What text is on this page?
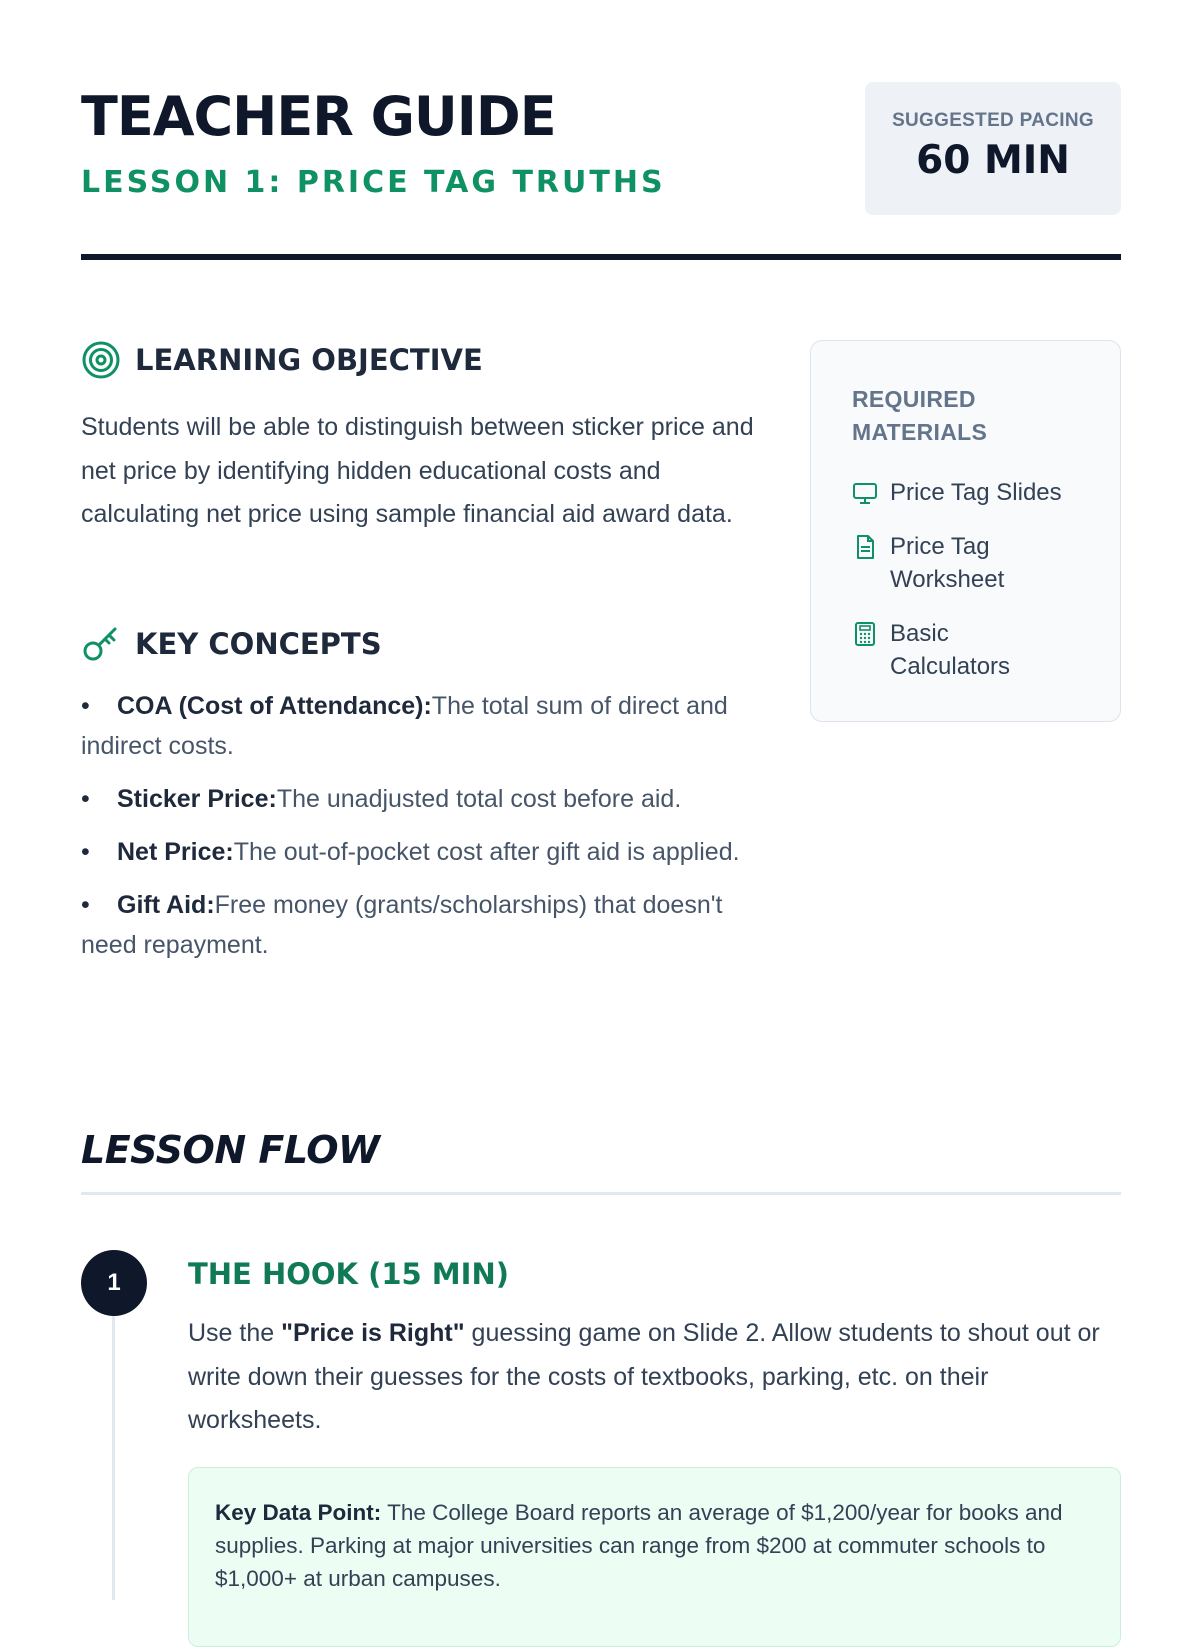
TEACHER GUIDE
LESSON 1: PRICE TAG TRUTHS
SUGGESTED PACING
60 MIN
LEARNING OBJECTIVE

Students will be able to distinguish between sticker price and net price by identifying hidden educational costs and calculating net price using sample financial aid award data.

KEY CONCEPTS
• COA (Cost of Attendance):The total sum of direct and indirect costs.
• Sticker Price:The unadjusted total cost before aid.
• Net Price:The out-of-pocket cost after gift aid is applied.
• Gift Aid:Free money (grants/scholarships) that doesn't need repayment.
REQUIRED MATERIALS
Price Tag Slides
Price Tag Worksheet
Basic Calculators
LESSON FLOW
1	THE HOOK (15 MIN)

Use the "Price is Right" guessing game on Slide 2. Allow students to shout out or write down their guesses for the costs of textbooks, parking, etc. on their worksheets.

Key Data Point: The College Board reports an average of $1,200/year for books and supplies. Parking at major universities can range from $200 at commuter schools to $1,000+ at urban campuses.
